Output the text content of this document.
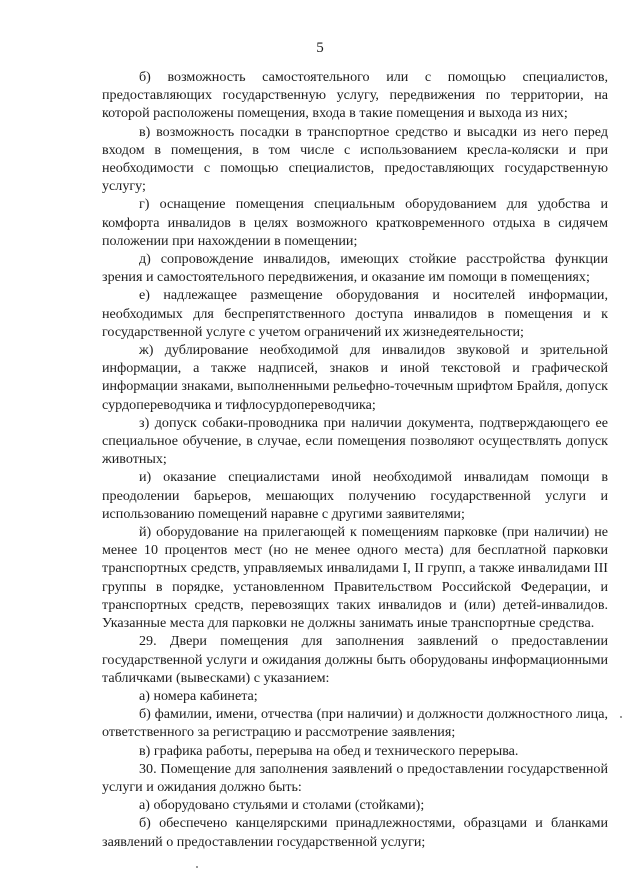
5

б) возможность самостоятельного или с помощью специалистов, предоставляющих государственную услугу, передвижения по территории, на которой расположены помещения, входа в такие помещения и выхода из них;

в) возможность посадки в транспортное средство и высадки из него перед входом в помещения, в том числе с использованием кресла-коляски и при необходимости с помощью специалистов, предоставляющих государственную услугу;

г) оснащение помещения специальным оборудованием для удобства и комфорта инвалидов в целях возможного кратковременного отдыха в сидячем положении при нахождении в помещении;

д) сопровождение инвалидов, имеющих стойкие расстройства функции зрения и самостоятельного передвижения, и оказание им помощи в помещениях;

е) надлежащее размещение оборудования и носителей информации, необходимых для беспрепятственного доступа инвалидов в помещения и к государственной услуге с учетом ограничений их жизнедеятельности;

ж) дублирование необходимой для инвалидов звуковой и зрительной информации, а также надписей, знаков и иной текстовой и графической информации знаками, выполненными рельефно-точечным шрифтом Брайля, допуск сурдопереводчика и тифлосурдопереводчика;

з) допуск собаки-проводника при наличии документа, подтверждающего ее специальное обучение, в случае, если помещения позволяют осуществлять допуск животных;

и) оказание специалистами иной необходимой инвалидам помощи в преодолении барьеров, мешающих получению государственной услуги и использованию помещений наравне с другими заявителями;

й) оборудование на прилегающей к помещениям парковке (при наличии) не менее 10 процентов мест (но не менее одного места) для бесплатной парковки транспортных средств, управляемых инвалидами I, II групп, а также инвалидами III группы в порядке, установленном Правительством Российской Федерации, и транспортных средств, перевозящих таких инвалидов и (или) детей-инвалидов. Указанные места для парковки не должны занимать иные транспортные средства.

29. Двери помещения для заполнения заявлений о предоставлении государственной услуги и ожидания должны быть оборудованы информационными табличками (вывесками) с указанием:

а) номера кабинета;

б) фамилии, имени, отчества (при наличии) и должности должностного лица, ответственного за регистрацию и рассмотрение заявления;

в) графика работы, перерыва на обед и технического перерыва.

30. Помещение для заполнения заявлений о предоставлении государственной услуги и ожидания должно быть:

а) оборудовано стульями и столами (стойками);

б) обеспечено канцелярскими принадлежностями, образцами и бланками заявлений о предоставлении государственной услуги;
